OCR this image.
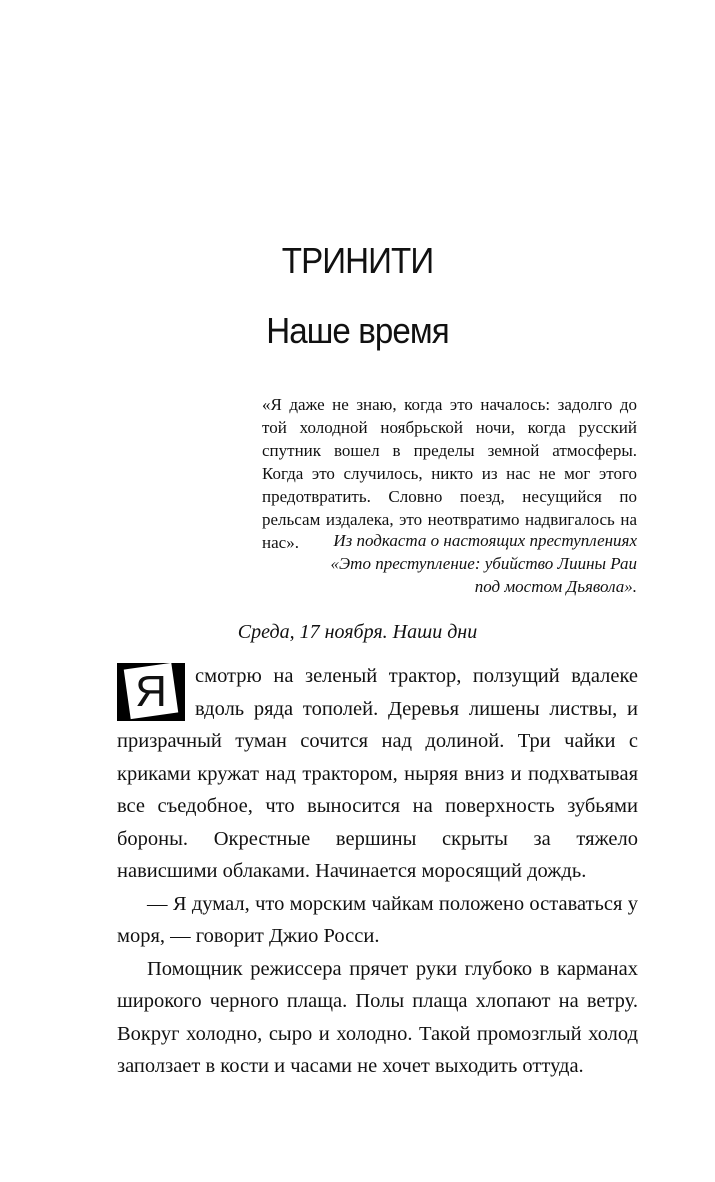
ТРИНИТИ
Наше время

«Я даже не знаю, когда это началось: задолго до той холодной ноябрьской ночи, когда русский спутник вошел в пределы земной атмосферы. Когда это случилось, никто из нас не мог этого предотвратить. Словно поезд, несущийся по рельсам издалека, это неотвратимо надвигалось на нас».	Из подкаста о настоящих преступлениях
«Это преступление: убийство Лиины Раи
под мостом Дьявола».
Среда, 17 ноября. Наши дни

Я	смотрю на зеленый трактор, ползущий вдалеке вдоль ряда тополей. Деревья лишены листвы, и призрачный туман сочится над долиной. Три чайки с криками кружат над трактором, ныряя вниз и подхватывая все съедобное, что выносится на поверхность зубьями бороны. Окрестные вершины скрыты за тяжело нависшими облаками. Начинается моросящий дождь.

— Я думал, что морским чайкам положено оставаться у моря, — говорит Джио Росси.

Помощник режиссера прячет руки глубоко в карманах широкого черного плаща. Полы плаща хлопают на ветру. Вокруг холодно, сыро и холодно. Такой промозглый холод заползает в кости и часами не хочет выходить оттуда.
